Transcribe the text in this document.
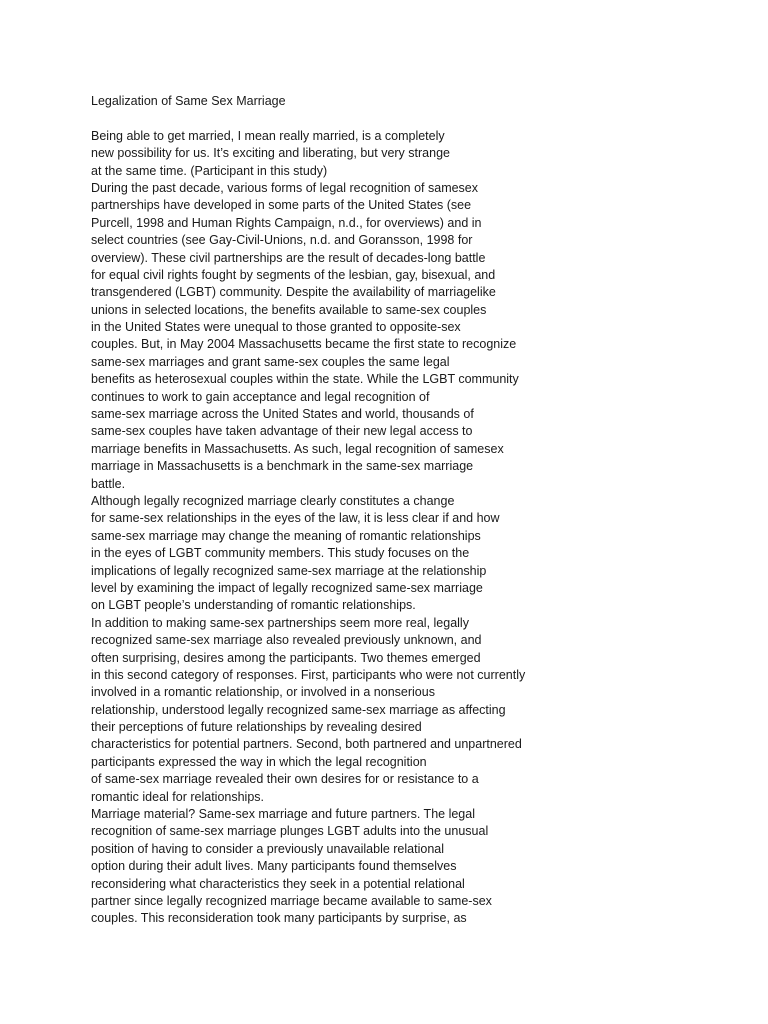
Legalization of Same Sex Marriage
Being able to get married, I mean really married, is a completely
new possibility for us. It’s exciting and liberating, but very strange
at the same time. (Participant in this study)
During the past decade, various forms of legal recognition of samesex
partnerships have developed in some parts of the United States (see
Purcell, 1998 and Human Rights Campaign, n.d., for overviews) and in
select countries (see Gay-Civil-Unions, n.d. and Goransson, 1998 for
overview). These civil partnerships are the result of decades-long battle
for equal civil rights fought by segments of the lesbian, gay, bisexual, and
transgendered (LGBT) community. Despite the availability of marriagelike
unions in selected locations, the benefits available to same-sex couples
in the United States were unequal to those granted to opposite-sex
couples. But, in May 2004 Massachusetts became the first state to recognize
same-sex marriages and grant same-sex couples the same legal
benefits as heterosexual couples within the state. While the LGBT community
continues to work to gain acceptance and legal recognition of
same-sex marriage across the United States and world, thousands of
same-sex couples have taken advantage of their new legal access to
marriage benefits in Massachusetts. As such, legal recognition of samesex
marriage in Massachusetts is a benchmark in the same-sex marriage
battle.
Although legally recognized marriage clearly constitutes a change
for same-sex relationships in the eyes of the law, it is less clear if and how
same-sex marriage may change the meaning of romantic relationships
in the eyes of LGBT community members. This study focuses on the
implications of legally recognized same-sex marriage at the relationship
level by examining the impact of legally recognized same-sex marriage
on LGBT people’s understanding of romantic relationships.
In addition to making same-sex partnerships seem more real, legally
recognized same-sex marriage also revealed previously unknown, and
often surprising, desires among the participants. Two themes emerged
in this second category of responses. First, participants who were not currently
involved in a romantic relationship, or involved in a nonserious
relationship, understood legally recognized same-sex marriage as affecting
their perceptions of future relationships by revealing desired
characteristics for potential partners. Second, both partnered and unpartnered
participants expressed the way in which the legal recognition
of same-sex marriage revealed their own desires for or resistance to a
romantic ideal for relationships.
Marriage material? Same-sex marriage and future partners. The legal
recognition of same-sex marriage plunges LGBT adults into the unusual
position of having to consider a previously unavailable relational
option during their adult lives. Many participants found themselves
reconsidering what characteristics they seek in a potential relational
partner since legally recognized marriage became available to same-sex
couples. This reconsideration took many participants by surprise, as
